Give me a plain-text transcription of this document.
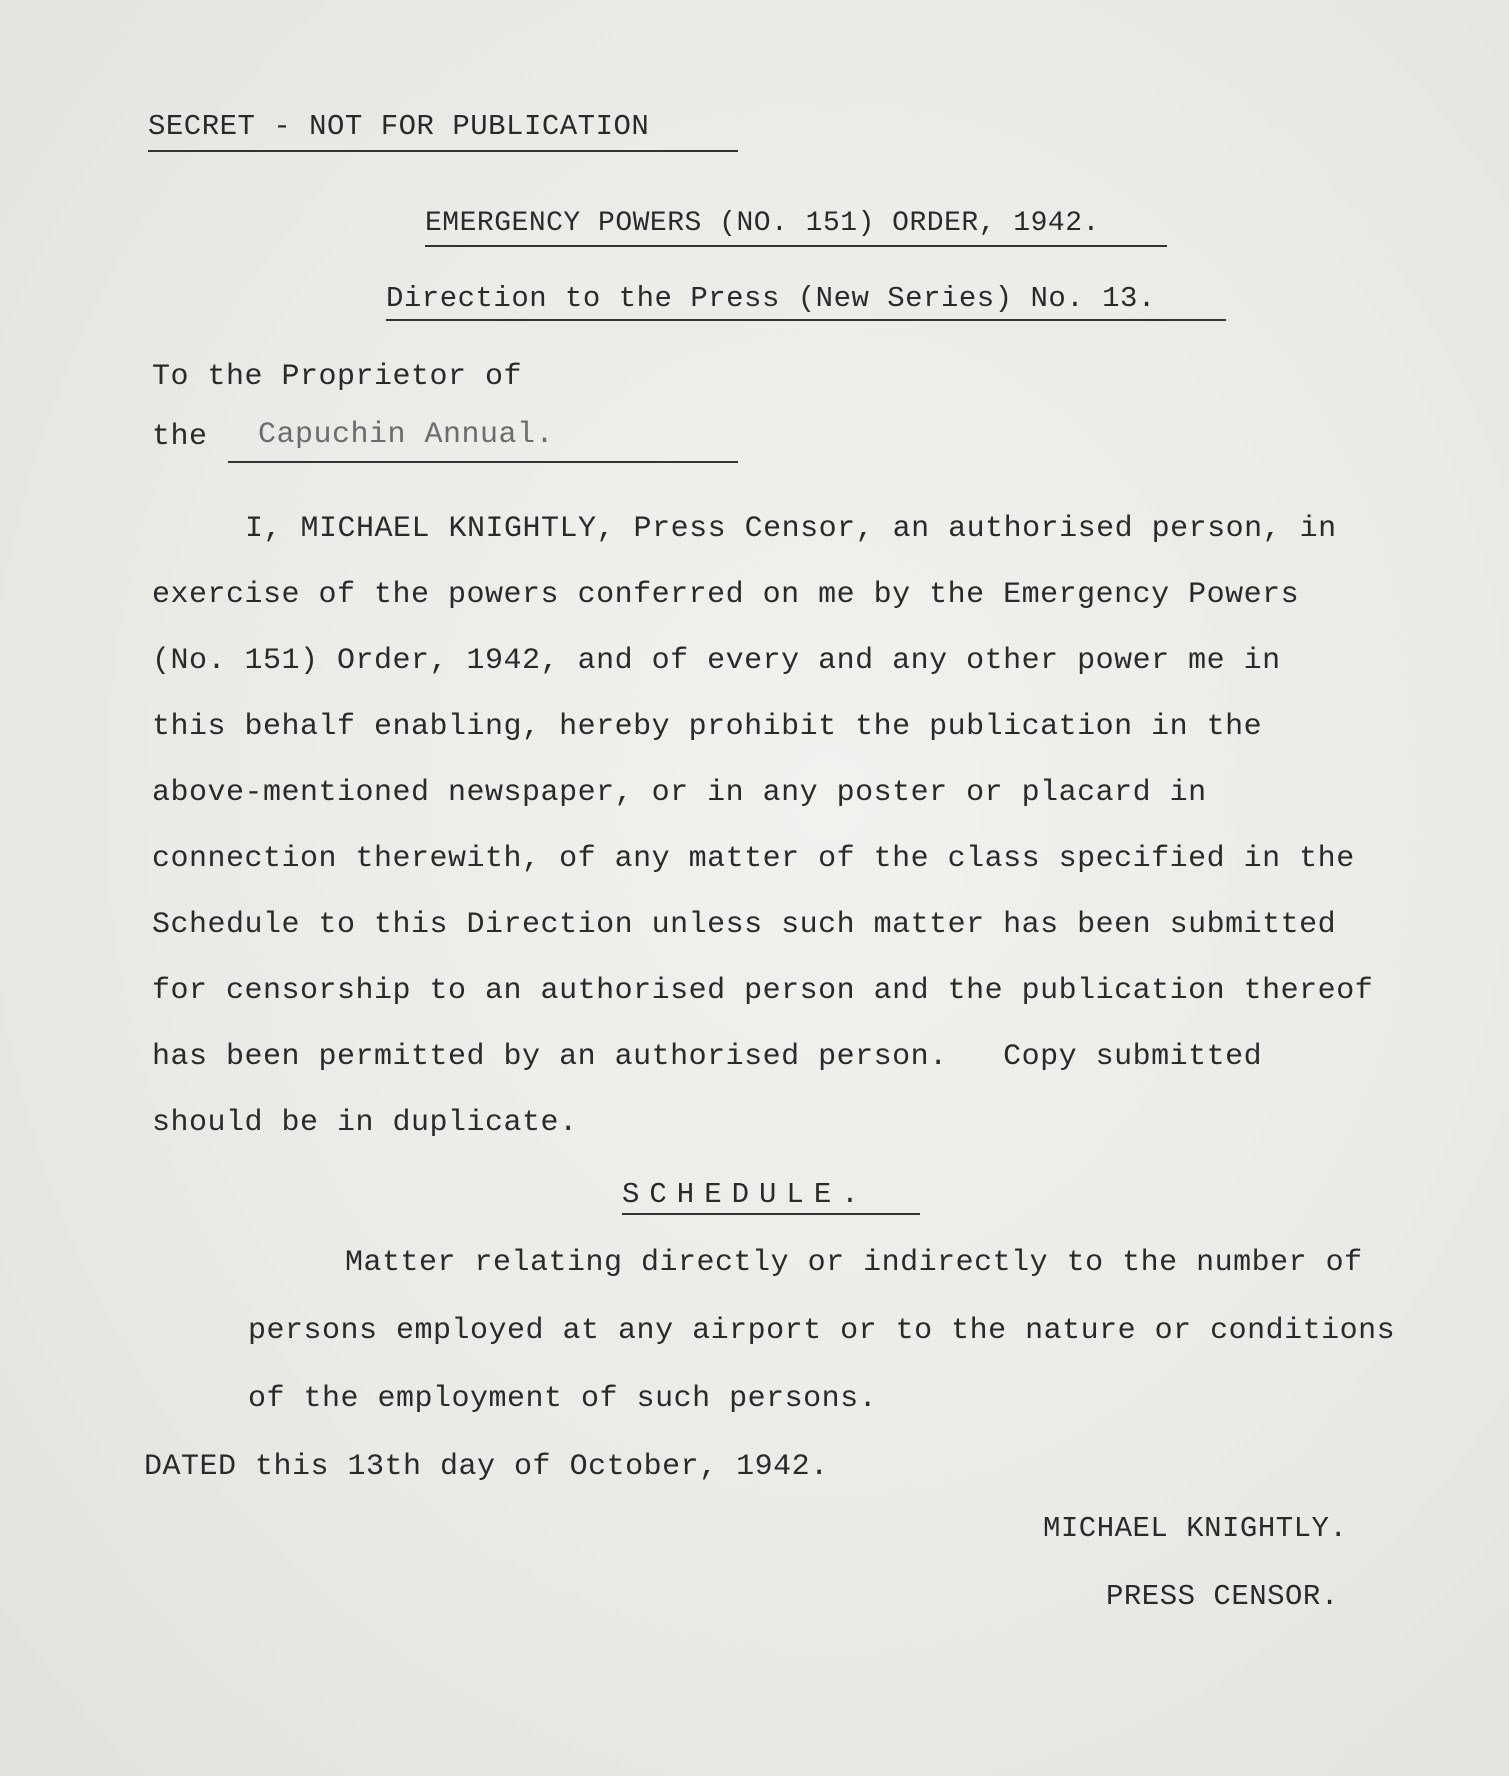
SECRET - NOT FOR PUBLICATION
EMERGENCY POWERS (NO. 151) ORDER, 1942.
Direction to the Press (New Series) No. 13.
To the Proprietor of
the Capuchin Annual.
I, MICHAEL KNIGHTLY, Press Censor, an authorised person, in
exercise of the powers conferred on me by the Emergency Powers
(No. 151) Order, 1942, and of every and any other power me in
this behalf enabling, hereby prohibit the publication in the
above-mentioned newspaper, or in any poster or placard in
connection therewith, of any matter of the class specified in the
Schedule to this Direction unless such matter has been submitted
for censorship to an authorised person and the publication thereof
has been permitted by an authorised person.   Copy submitted
should be in duplicate.
SCHEDULE.
Matter relating directly or indirectly to the number of
persons employed at any airport or to the nature or conditions
of the employment of such persons.
DATED this 13th day of October, 1942.
MICHAEL KNIGHTLY.
PRESS CENSOR.
